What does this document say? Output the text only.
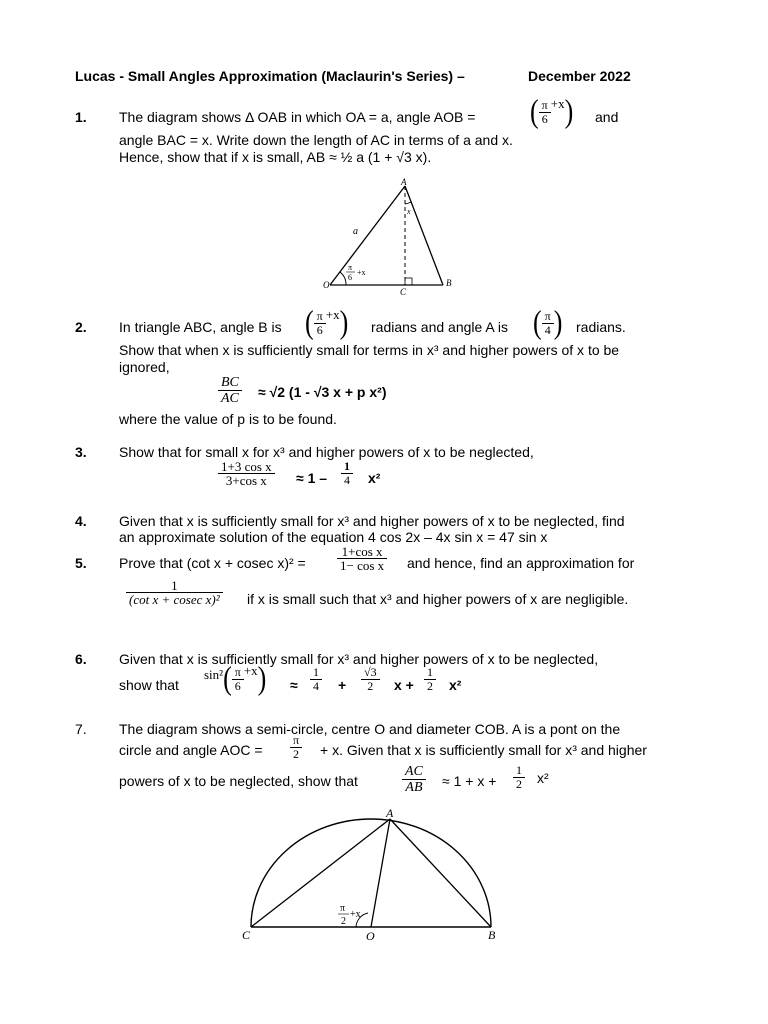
Lucas - Small Angles Approximation (Maclaurin's Series) –	December 2022
1. The diagram shows Δ OAB in which OA = a, angle AOB = ( $\frac{\pi}{6} +x$) and
angle BAC = x. Write down the length of AC in terms of a and x.
Hence, show that if x is small, AB ≈ ½ a (1 + √3 x).
A
a
x
O	B
C
π
6
+x
2. In triangle ABC, angle B is ( $\frac{\pi}{6} +x$) radians and angle A is ( $\frac{\pi}{4}$ ) radians.
Show that when x is sufficiently small for terms in x³ and higher powers of x to be
ignored,
$\frac{BC}{AC} \approx √2$ (1 - √3 x + p x²)
where the value of p is to be found.
3. Show that for small x for x³ and higher powers of x to be neglected,
$\frac{\text{1+3 cos x}}{\text{3+cos x}} \approx 1 - \frac{1}{4} x^2$
4. Given that x is sufficiently small for x³ and higher powers of x to be neglected, find
an approximate solution of the equation 4 cos 2x – 4x sin x = 47 sin x
5. Prove that (cot x + cosec $x)^2 = \frac{\text{1+cos x}}{\text{1− cos x}}$ and hence, find an approximation for
$\frac{1}{\text{(cot x + cosec x)²}}$ if x is small such that x³ and higher powers of x are negligible.
6. Given that x is sufficiently small for x³ and higher powers of x to be neglected,
show that
$\sin^2( \frac{\pi}{6} +x) \approx \frac{1}{4} + \frac{√3}{2}$ $x + \frac{1}{2} x^2$
7. The diagram shows a semi-circle, centre O and diameter COB. A is a pont on the
circle and angle AOC = $\frac{\pi}{2} + x$. Given that x is sufficiently small for x³ and higher
powers of x to be neglected, show that	$\frac{AC}{AB} \approx 1 + x + \frac{1}{2} x^2$
A
C	O	B
π
2
+x
